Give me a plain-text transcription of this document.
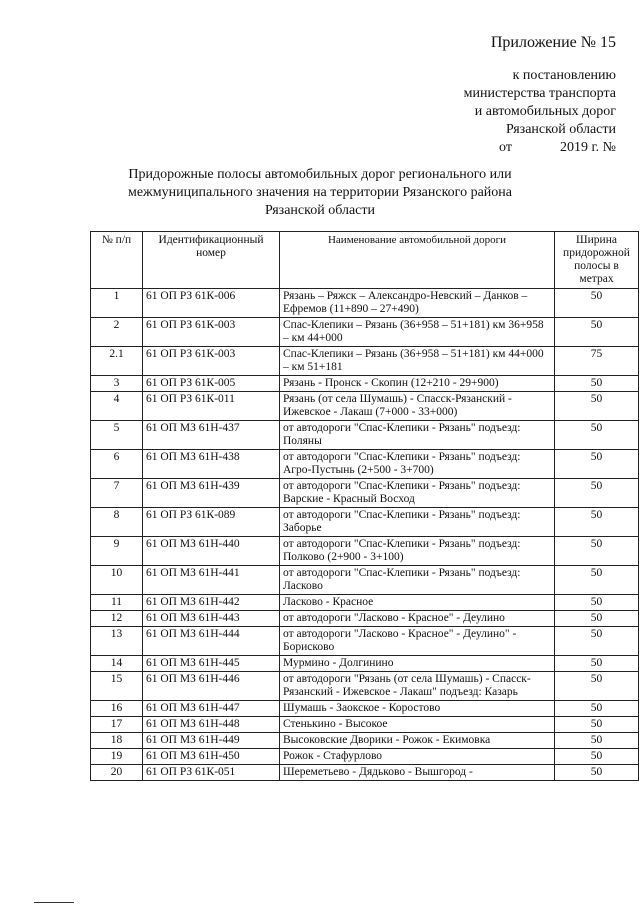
Приложение № 15
к постановлению
министерства транспорта
и автомобильных дорог
Рязанской области
от	2019 г. №
Придорожные полосы автомобильных дорог регионального или межмуниципального значения на территории Рязанского района Рязанской области
№ п/п	Идентификационный номер	Наименование автомобильной дороги	Ширина придорожной полосы в метрах
1	61 ОП РЗ 61К-006	Рязань – Ряжск – Александро-Невский – Данков – Ефремов (11+890 – 27+490)	50
2	61 ОП РЗ 61К-003	Спас-Клепики – Рязань (36+958 – 51+181) км 36+958 – км 44+000	50
2.1	61 ОП РЗ 61К-003	Спас-Клепики – Рязань (36+958 – 51+181) км 44+000 – км 51+181	75
3	61 ОП РЗ 61К-005	Рязань - Пронск - Скопин (12+210 - 29+900)	50
4	61 ОП РЗ 61К-011	Рязань (от села Шумашь) - Спасск-Рязанский - Ижевское - Лакаш (7+000 - 33+000)	50
5	61 ОП МЗ 61Н-437	от автодороги "Спас-Клепики - Рязань" подъезд: Поляны	50
6	61 ОП МЗ 61Н-438	от автодороги "Спас-Клепики - Рязань" подъезд: Агро-Пустынь (2+500 - 3+700)	50
7	61 ОП МЗ 61Н-439	от автодороги "Спас-Клепики - Рязань" подъезд: Варские - Красный Восход	50
8	61 ОП РЗ 61К-089	от автодороги "Спас-Клепики - Рязань" подъезд: Заборье	50
9	61 ОП МЗ 61Н-440	от автодороги "Спас-Клепики - Рязань" подъезд: Полково (2+900 - 3+100)	50
10	61 ОП МЗ 61Н-441	от автодороги "Спас-Клепики - Рязань" подъезд: Ласково	50
11	61 ОП МЗ 61Н-442	Ласково - Красное	50
12	61 ОП МЗ 61Н-443	от автодороги "Ласково - Красное" - Деулино	50
13	61 ОП МЗ 61Н-444	от автодороги "Ласково - Красное" - Деулино" - Борисково	50
14	61 ОП МЗ 61Н-445	Мурмино - Долгинино	50
15	61 ОП МЗ 61Н-446	от автодороги "Рязань (от села Шумашь) - Спасск-Рязанский - Ижевское - Лакаш" подъезд: Казарь	50
16	61 ОП МЗ 61Н-447	Шумашь - Заокское - Коростово	50
17	61 ОП МЗ 61Н-448	Стенькино - Высокое	50
18	61 ОП МЗ 61Н-449	Высоковские Дворики - Рожок - Екимовка	50
19	61 ОП МЗ 61Н-450	Рожок - Стафурлово	50
20	61 ОП РЗ 61К-051	Шереметьево - Дядьково - Вышгород -	50
